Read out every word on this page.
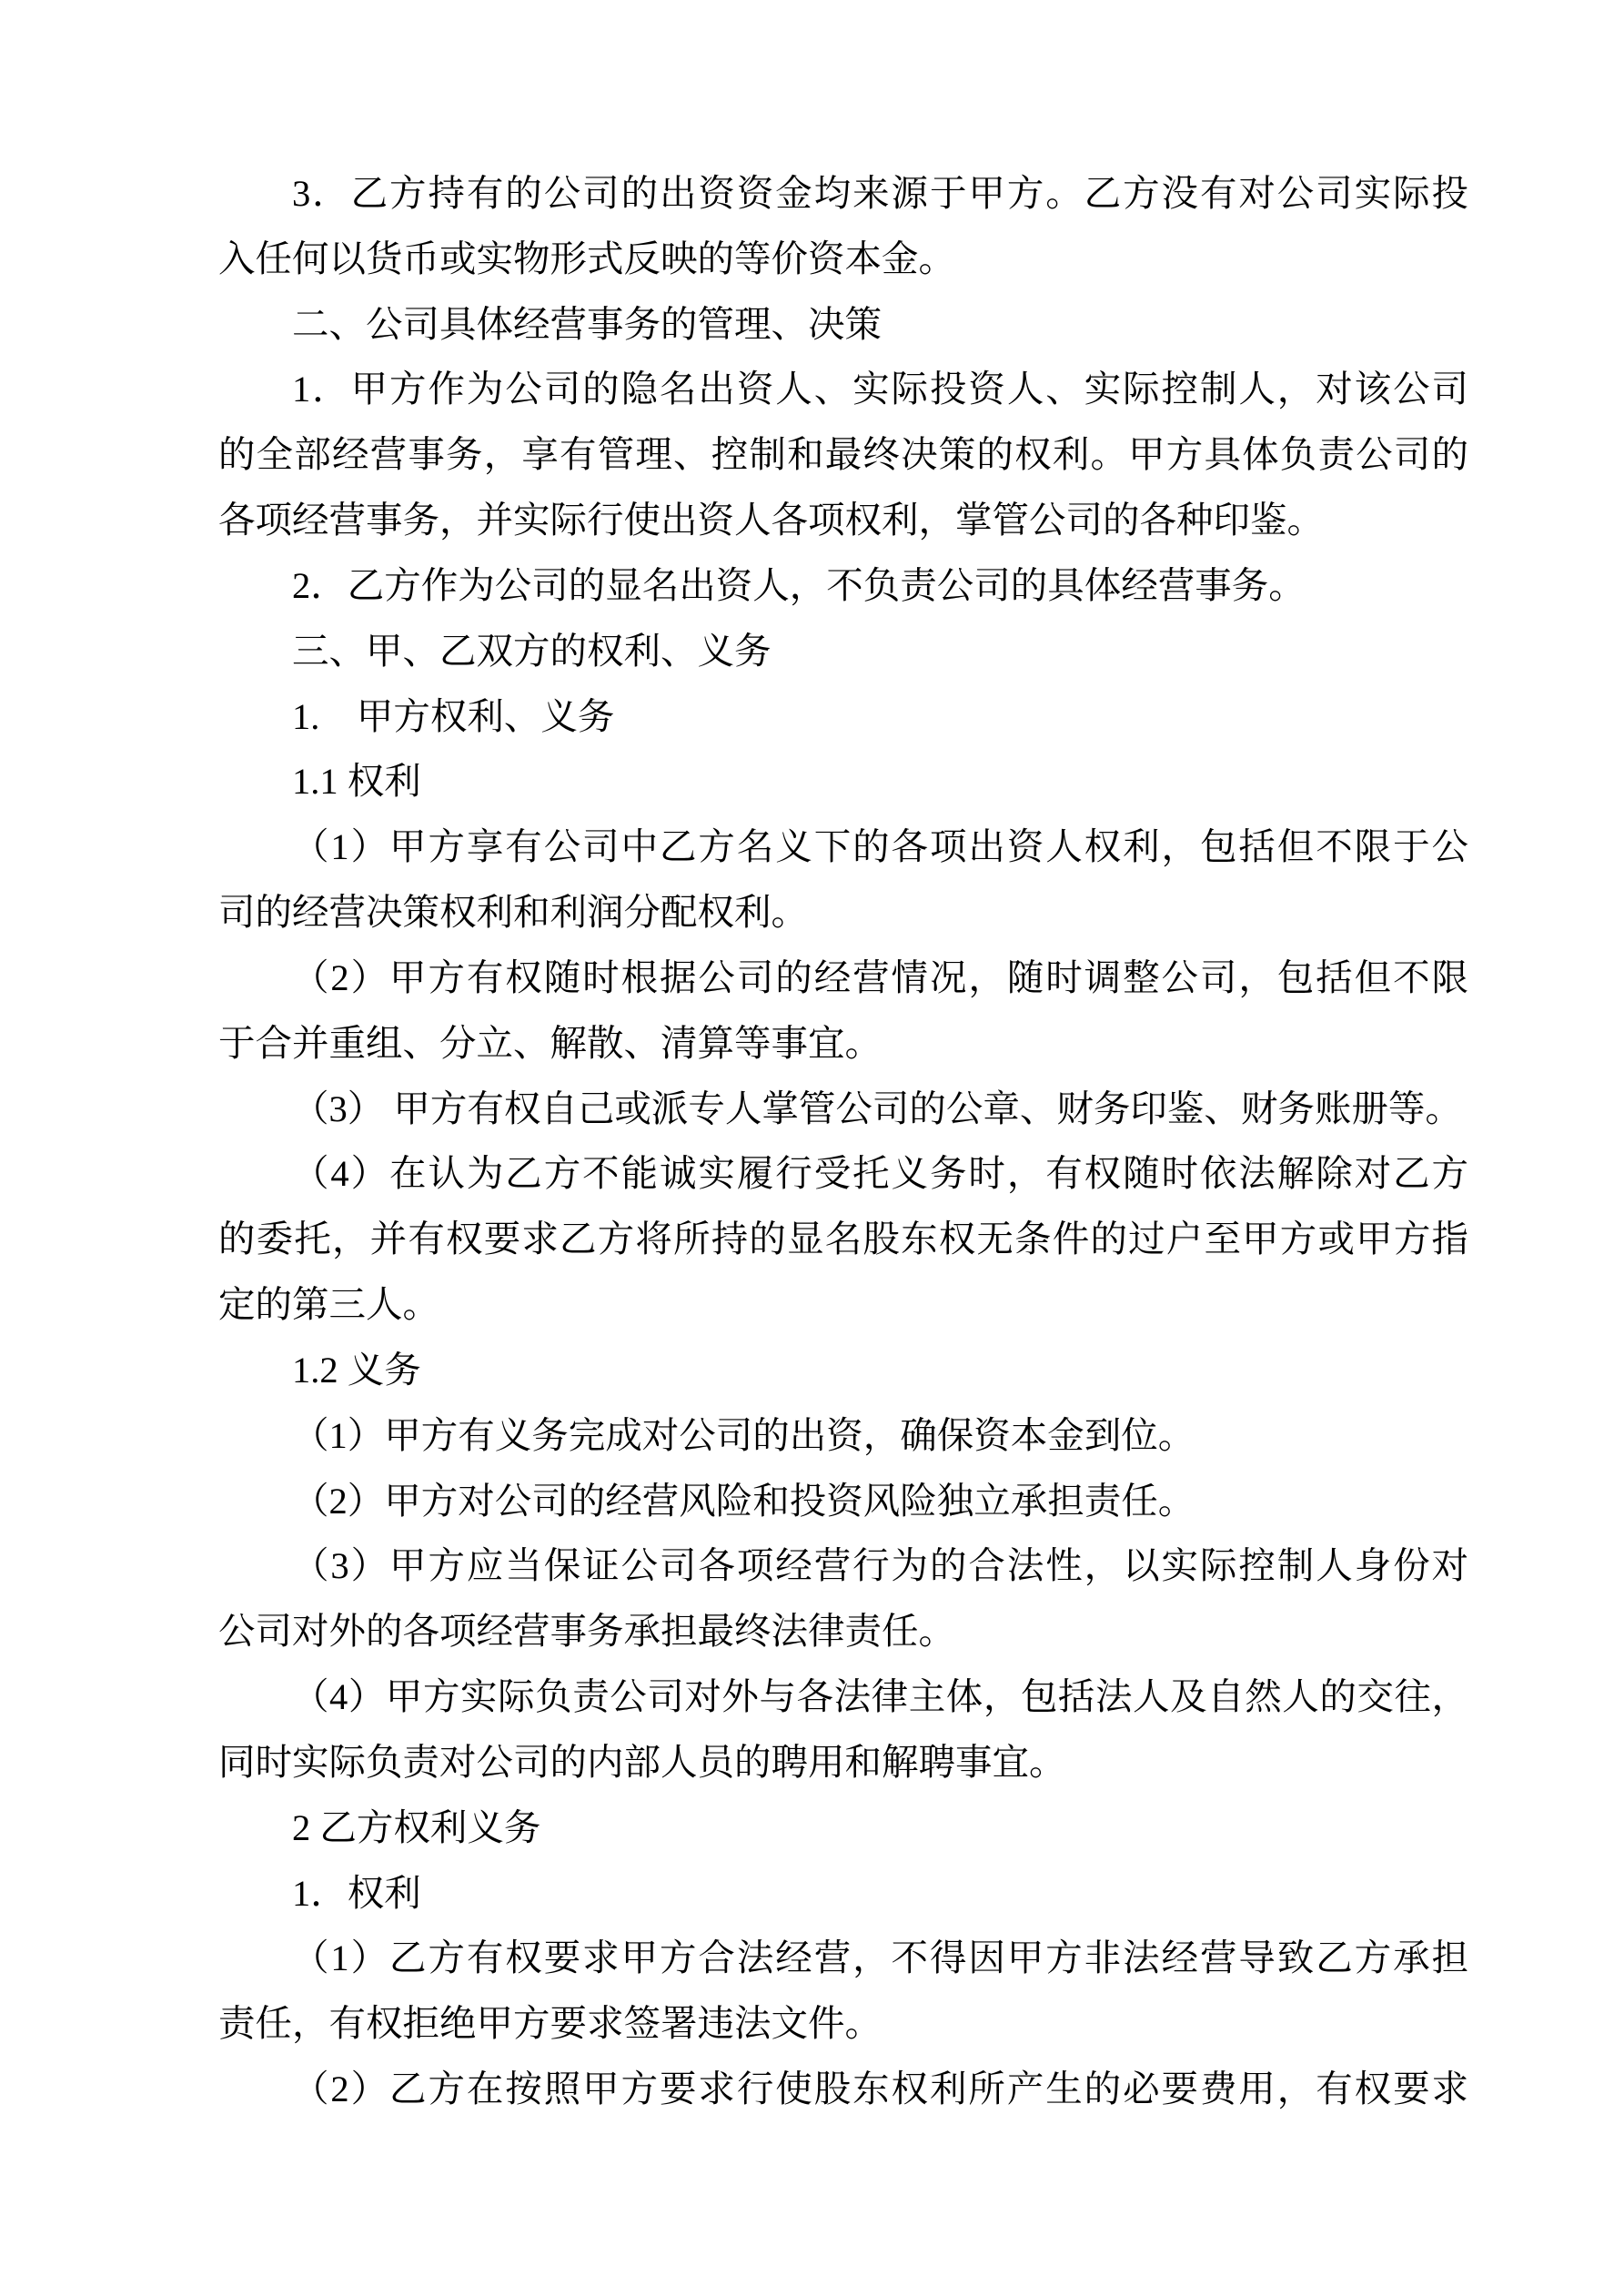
3．乙方持有的公司的出资资金均来源于甲方。乙方没有对公司实际投
入任何以货币或实物形式反映的等价资本金。
二、公司具体经营事务的管理、决策
1．甲方作为公司的隐名出资人、实际投资人、实际控制人，对该公司
的全部经营事务，享有管理、控制和最终决策的权利。甲方具体负责公司的
各项经营事务，并实际行使出资人各项权利，掌管公司的各种印鉴。
2．乙方作为公司的显名出资人，不负责公司的具体经营事务。
三、甲、乙双方的权利、义务
1.　甲方权利、义务
1.1 权利
（1）甲方享有公司中乙方名义下的各项出资人权利，包括但不限于公
司的经营决策权利和利润分配权利。
（2）甲方有权随时根据公司的经营情况，随时调整公司，包括但不限
于合并重组、分立、解散、清算等事宜。
（3） 甲方有权自己或派专人掌管公司的公章、财务印鉴、财务账册等。
（4）在认为乙方不能诚实履行受托义务时，有权随时依法解除对乙方
的委托，并有权要求乙方将所持的显名股东权无条件的过户至甲方或甲方指
定的第三人。
1.2 义务
（1）甲方有义务完成对公司的出资，确保资本金到位。
（2）甲方对公司的经营风险和投资风险独立承担责任。
（3）甲方应当保证公司各项经营行为的合法性，以实际控制人身份对
公司对外的各项经营事务承担最终法律责任。
（4）甲方实际负责公司对外与各法律主体，包括法人及自然人的交往，
同时实际负责对公司的内部人员的聘用和解聘事宜。
2 乙方权利义务
1．权利
（1）乙方有权要求甲方合法经营，不得因甲方非法经营导致乙方承担
责任，有权拒绝甲方要求签署违法文件。
（2）乙方在按照甲方要求行使股东权利所产生的必要费用，有权要求
